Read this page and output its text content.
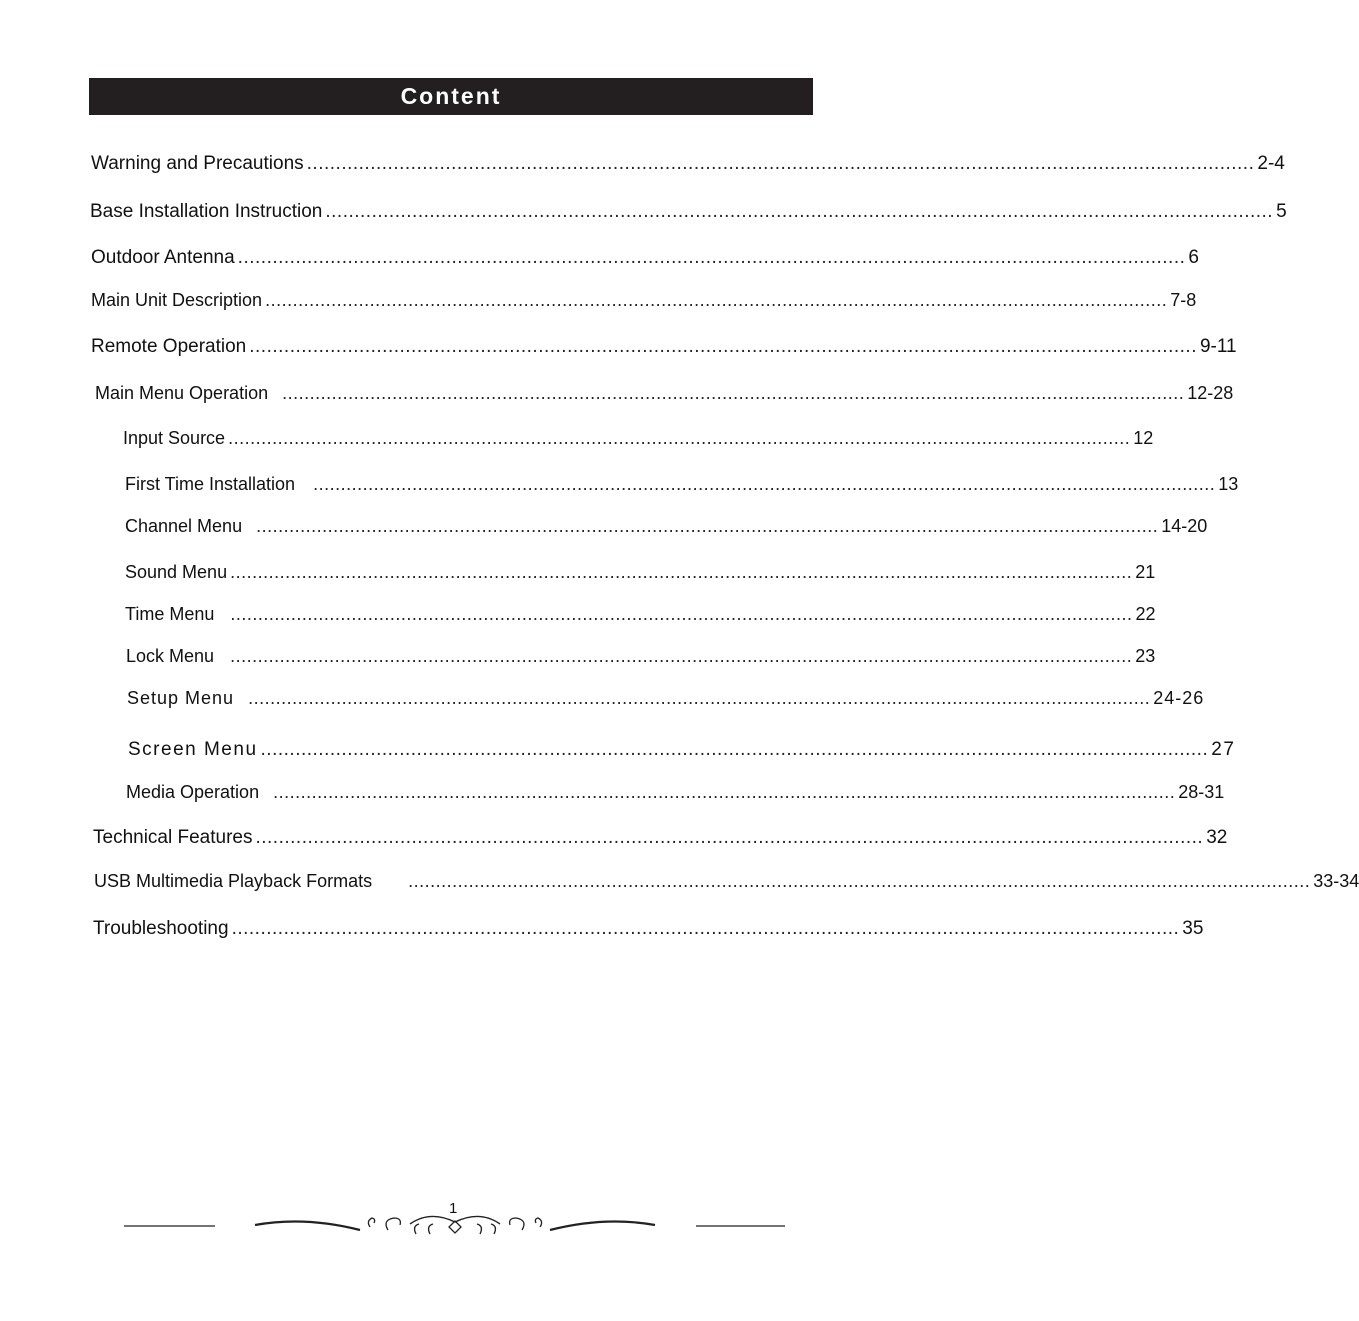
Content
Warning and Precautions .................................................................................................................................................................... 2-4
Base Installation Instruction .................................................................................................................................................................... 5
Outdoor Antenna .................................................................................................................................................................... 6
Main Unit Description .................................................................................................................................................................... 7-8
Remote Operation .................................................................................................................................................................... 9-11
Main Menu Operation .................................................................................................................................................................... 12-28
Input Source .................................................................................................................................................................... 12
First Time Installation .................................................................................................................................................................... 13
Channel Menu .................................................................................................................................................................... 14-20
Sound Menu .................................................................................................................................................................... 21
Time Menu .................................................................................................................................................................... 22
Lock Menu .................................................................................................................................................................... 23
Setup Menu .................................................................................................................................................................... 24-26
Screen Menu .................................................................................................................................................................... 27
Media Operation .................................................................................................................................................................... 28-31
Technical Features .................................................................................................................................................................... 32
USB Multimedia Playback Formats .................................................................................................................................................................... 33-34
Troubleshooting .................................................................................................................................................................... 35
1
